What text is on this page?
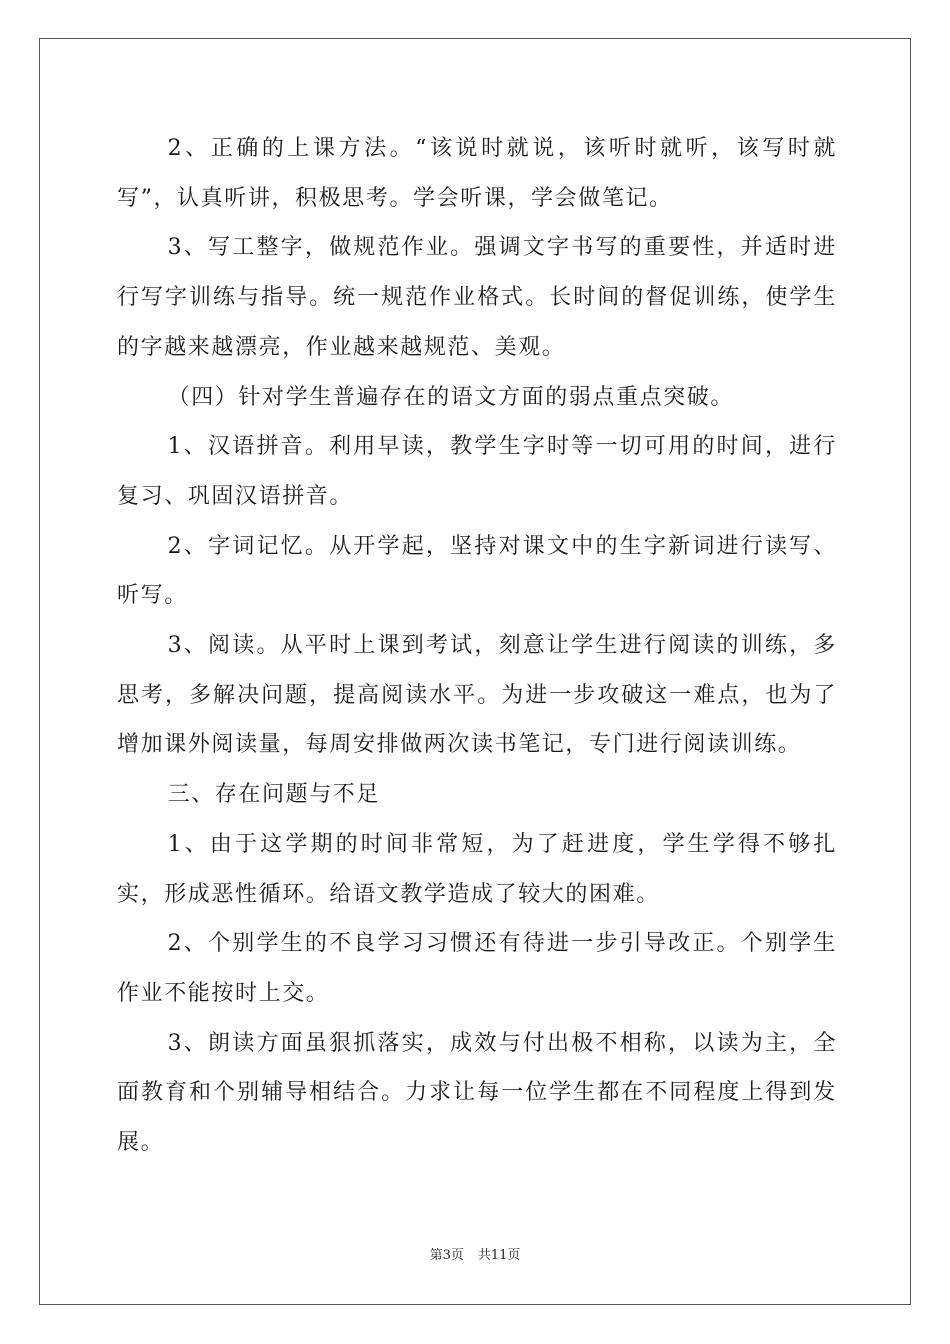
2、正确的上课方法。“该说时就说，该听时就听，该写时就写”，认真听讲，积极思考。学会听课，学会做笔记。

3、写工整字，做规范作业。强调文字书写的重要性，并适时进行写字训练与指导。统一规范作业格式。长时间的督促训练，使学生的字越来越漂亮，作业越来越规范、美观。

（四）针对学生普遍存在的语文方面的弱点重点突破。

1、汉语拼音。利用早读，教学生字时等一切可用的时间，进行复习、巩固汉语拼音。

2、字词记忆。从开学起，坚持对课文中的生字新词进行读写、听写。

3、阅读。从平时上课到考试，刻意让学生进行阅读的训练，多思考，多解决问题，提高阅读水平。为进一步攻破这一难点，也为了增加课外阅读量，每周安排做两次读书笔记，专门进行阅读训练。

三、存在问题与不足

1、由于这学期的时间非常短，为了赶进度，学生学得不够扎实，形成恶性循环。给语文教学造成了较大的困难。

2、个别学生的不良学习习惯还有待进一步引导改正。个别学生作业不能按时上交。

3、朗读方面虽狠抓落实，成效与付出极不相称，以读为主，全面教育和个别辅导相结合。力求让每一位学生都在不同程度上得到发展。

第3页 共11页
